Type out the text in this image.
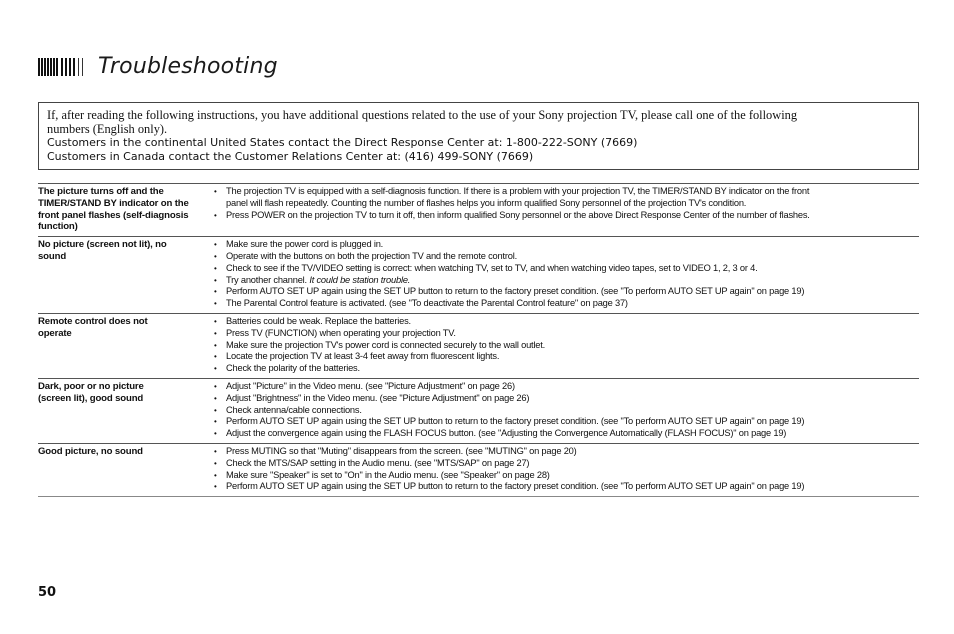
Troubleshooting

If, after reading the following instructions, you have additional questions related to the use of your Sony projection TV, please call one of the following

numbers (English only).

Customers in the continental United States contact the Direct Response Center at: 1-800-222-SONY (7669)

Customers in Canada contact the Customer Relations Center at: (416) 499-SONY (7669)

The picture turns off and the
TIMER/STAND BY indicator on the
front panel flashes (self-diagnosis
function)
• The projection TV is equipped with a self-diagnosis function. If there is a problem with your projection TV, the TIMER/STAND BY indicator on the front
panel will flash repeatedly. Counting the number of flashes helps you inform qualified Sony personnel of the projection TV's condition.
• Press POWER on the projection TV to turn it off, then inform qualified Sony personnel or the above Direct Response Center of the number of flashes.
No picture (screen not lit), no
sound
• Make sure the power cord is plugged in.
• Operate with the buttons on both the projection TV and the remote control.
• Check to see if the TV/VIDEO setting is correct: when watching TV, set to TV, and when watching video tapes, set to VIDEO 1, 2, 3 or 4.
• Try another channel. It could be station trouble.
• Perform AUTO SET UP again using the SET UP button to return to the factory preset condition. (see "To perform AUTO SET UP again" on page 19)
• The Parental Control feature is activated. (see "To deactivate the Parental Control feature" on page 37)
Remote control does not
operate
• Batteries could be weak. Replace the batteries.
• Press TV (FUNCTION) when operating your projection TV.
• Make sure the projection TV's power cord is connected securely to the wall outlet.
• Locate the projection TV at least 3-4 feet away from fluorescent lights.
• Check the polarity of the batteries.
Dark, poor or no picture
(screen lit), good sound
• Adjust "Picture" in the Video menu. (see "Picture Adjustment" on page 26)
• Adjust "Brightness" in the Video menu. (see "Picture Adjustment" on page 26)
• Check antenna/cable connections.
• Perform AUTO SET UP again using the SET UP button to return to the factory preset condition. (see "To perform AUTO SET UP again" on page 19)
• Adjust the convergence again using the FLASH FOCUS button. (see "Adjusting the Convergence Automatically (FLASH FOCUS)" on page 19)
Good picture, no sound
•	Press MUTING so that "Muting" disappears from the screen. (see "MUTING" on page 20)
• Check the MTS/SAP setting in the Audio menu. (see "MTS/SAP" on page 27)
• Make sure "Speaker" is set to "On" in the Audio menu. (see "Speaker" on page 28)
• Perform AUTO SET UP again using the SET UP button to return to the factory preset condition. (see "To perform AUTO SET UP again" on page 19)
50
